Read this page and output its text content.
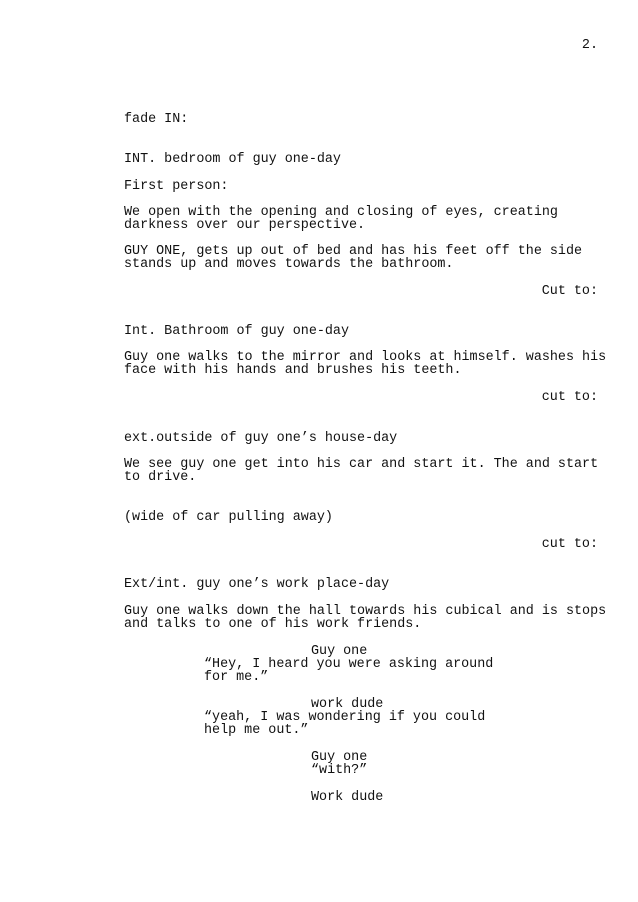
2.
fade IN:
INT. bedroom of guy one-day
First person:
We open with the opening and closing of eyes, creating
darkness over our perspective.
GUY ONE, gets up out of bed and has his feet off the side
stands up and moves towards the bathroom.
Cut to:
Int. Bathroom of guy one-day
Guy one walks to the mirror and looks at himself. washes his
face with his hands and brushes his teeth.
cut to:
ext.outside of guy one’s house-day
We see guy one get into his car and start it. The and start
to drive.
(wide of car pulling away)
cut to:
Ext/int. guy one’s work place-day
Guy one walks down the hall towards his cubical and is stops
and talks to one of his work friends.
Guy one
“Hey, I heard you were asking around
for me.”
work dude
“yeah, I was wondering if you could
help me out.”
Guy one
“with?”
Work dude
